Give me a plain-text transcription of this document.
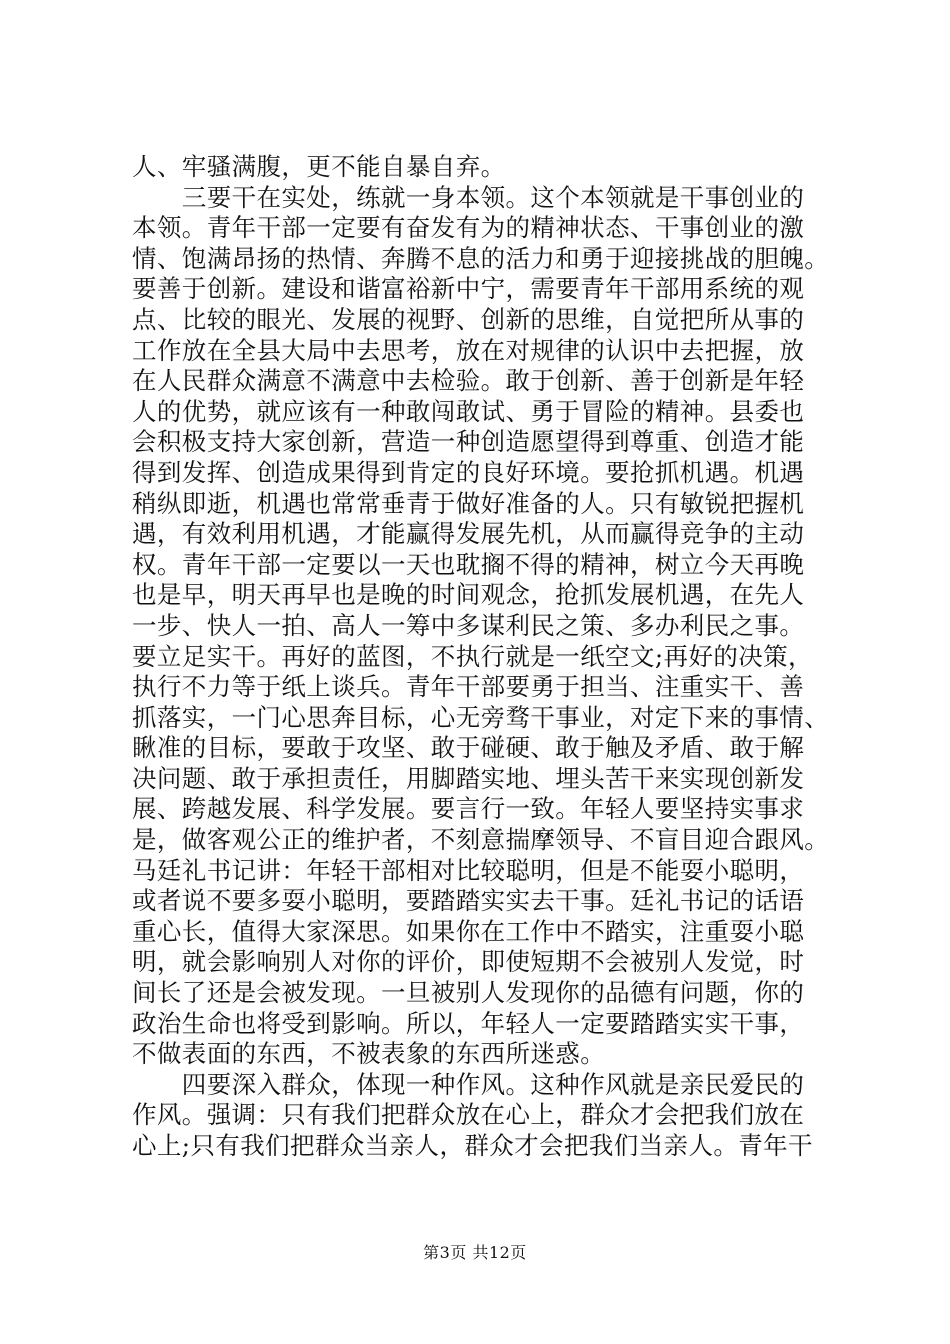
人、牢骚满腹，更不能自暴自弃。
　　三要干在实处，练就一身本领。这个本领就是干事创业的
本领。青年干部一定要有奋发有为的精神状态、干事创业的激
情、饱满昂扬的热情、奔腾不息的活力和勇于迎接挑战的胆魄。
要善于创新。建设和谐富裕新中宁，需要青年干部用系统的观
点、比较的眼光、发展的视野、创新的思维，自觉把所从事的
工作放在全县大局中去思考，放在对规律的认识中去把握，放
在人民群众满意不满意中去检验。敢于创新、善于创新是年轻
人的优势，就应该有一种敢闯敢试、勇于冒险的精神。县委也
会积极支持大家创新，营造一种创造愿望得到尊重、创造才能
得到发挥、创造成果得到肯定的良好环境。要抢抓机遇。机遇
稍纵即逝，机遇也常常垂青于做好准备的人。只有敏锐把握机
遇，有效利用机遇，才能赢得发展先机，从而赢得竞争的主动
权。青年干部一定要以一天也耽搁不得的精神，树立今天再晚
也是早，明天再早也是晚的时间观念，抢抓发展机遇，在先人
一步、快人一拍、高人一筹中多谋利民之策、多办利民之事。
要立足实干。再好的蓝图，不执行就是一纸空文;再好的决策，
执行不力等于纸上谈兵。青年干部要勇于担当、注重实干、善
抓落实，一门心思奔目标，心无旁骛干事业，对定下来的事情、
瞅准的目标，要敢于攻坚、敢于碰硬、敢于触及矛盾、敢于解
决问题、敢于承担责任，用脚踏实地、埋头苦干来实现创新发
展、跨越发展、科学发展。要言行一致。年轻人要坚持实事求
是，做客观公正的维护者，不刻意揣摩领导、不盲目迎合跟风。
马廷礼书记讲：年轻干部相对比较聪明，但是不能耍小聪明，
或者说不要多耍小聪明，要踏踏实实去干事。廷礼书记的话语
重心长，值得大家深思。如果你在工作中不踏实，注重耍小聪
明，就会影响别人对你的评价，即使短期不会被别人发觉，时
间长了还是会被发现。一旦被别人发现你的品德有问题，你的
政治生命也将受到影响。所以，年轻人一定要踏踏实实干事，
不做表面的东西，不被表象的东西所迷惑。
　　四要深入群众，体现一种作风。这种作风就是亲民爱民的
作风。强调：只有我们把群众放在心上，群众才会把我们放在
心上;只有我们把群众当亲人，群众才会把我们当亲人。青年干
第3页 共12页
